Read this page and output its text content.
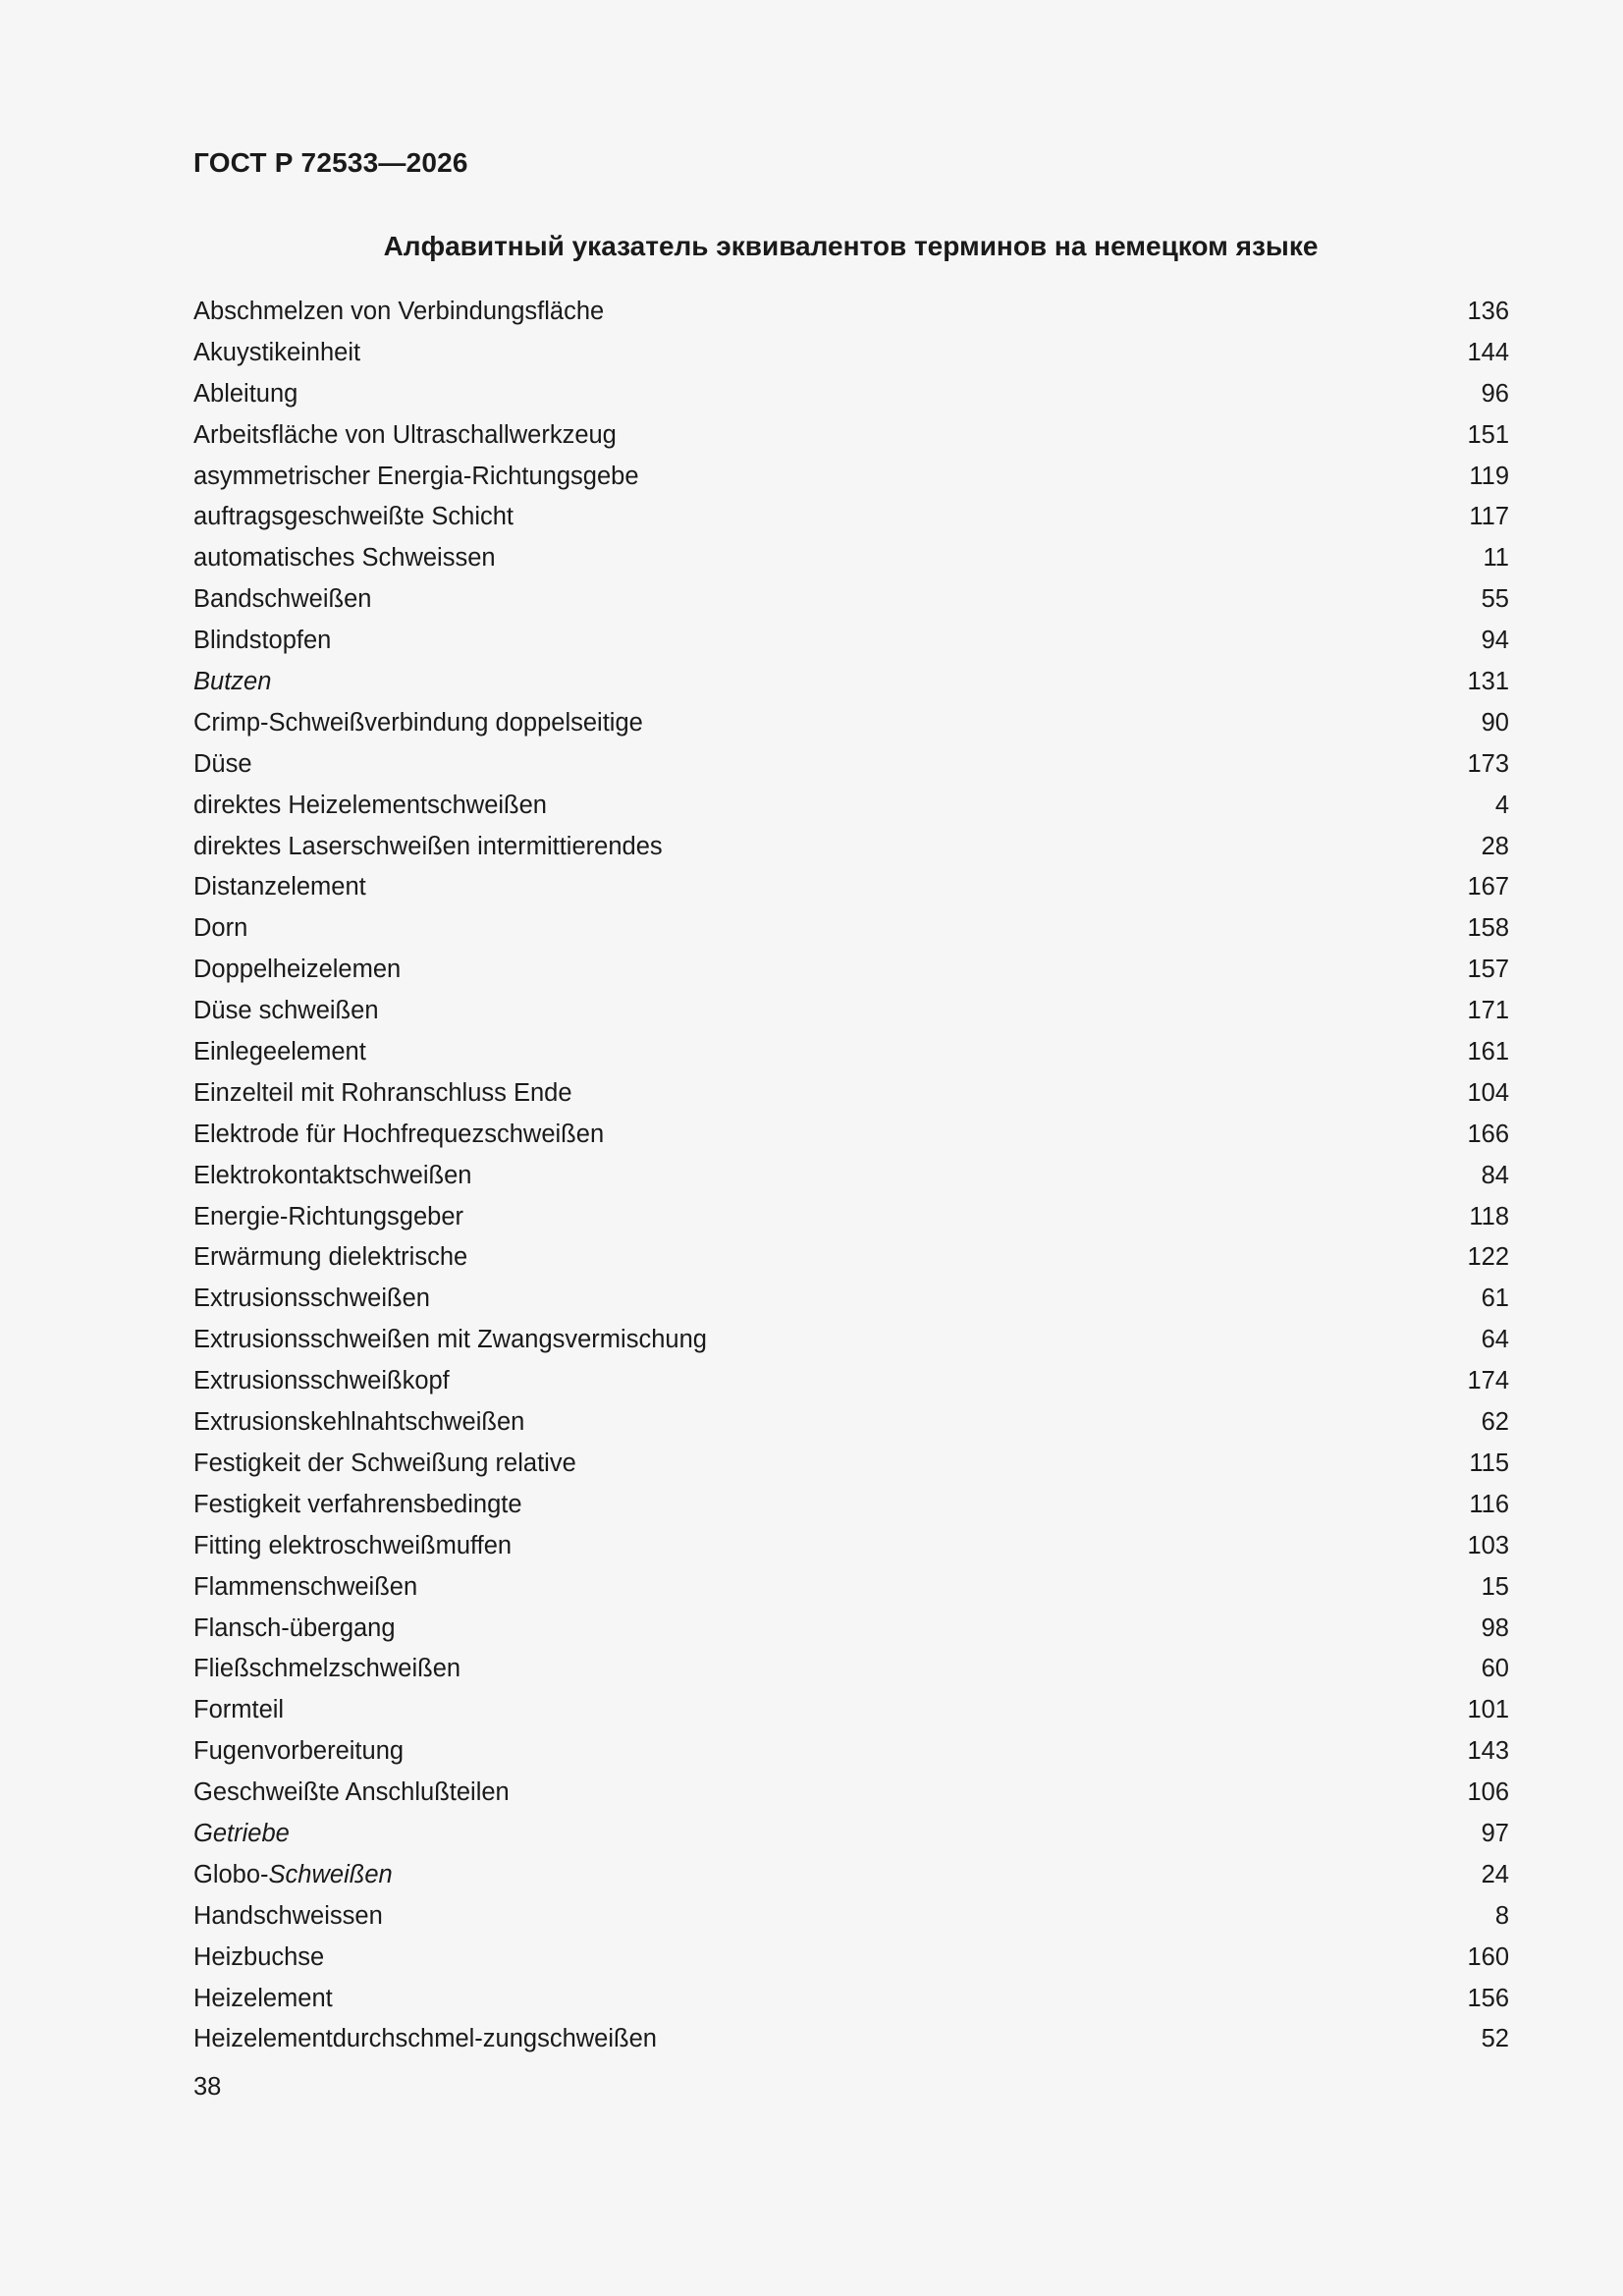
ГОСТ Р 72533—2026
Алфавитный указатель эквивалентов терминов на немецком языке
Abschmelzen von Verbindungsfläche	136
Akuystikeinheit	144
Ableitung	96
Arbeitsfläche von Ultraschallwerkzeug	151
asymmetrischer Energia-Richtungsgebe	119
auftragsgeschweißte Schicht	117
automatisches Schweissen	11
Bandschweißen	55
Blindstopfen	94
Butzen	131
Crimp-Schweißverbindung doppelseitige	90
Düse	173
direktes Heizelementschweißen	4
direktes Laserschweißen intermittierendes	28
Distanzelement	167
Dorn	158
Doppelheizelemen	157
Düse schweißen	171
Einlegeelement	161
Einzelteil mit Rohranschluss Ende	104
Elektrode für Hochfrequezschweißen	166
Elektrokontaktschweißen	84
Energie-Richtungsgeber	118
Erwärmung dielektrische	122
Extrusionsschweißen	61
Extrusionsschweißen mit Zwangsvermischung	64
Extrusionsschweißkopf	174
Extrusionskehlnahtschweißen	62
Festigkeit der Schweißung relative	115
Festigkeit verfahrensbedingte	116
Fitting elektroschweißmuffen	103
Flammenschweißen	15
Flansch-übergang	98
Fließschmelzschweißen	60
Formteil	101
Fugenvorbereitung	143
Geschweißte Anschlußteilen	106
Getriebe	97
Globo-Schweißen	24
Handschweissen	8
Heizbuchse	160
Heizelement	156
Heizelementdurchschmel-zungschweißen	52
38
